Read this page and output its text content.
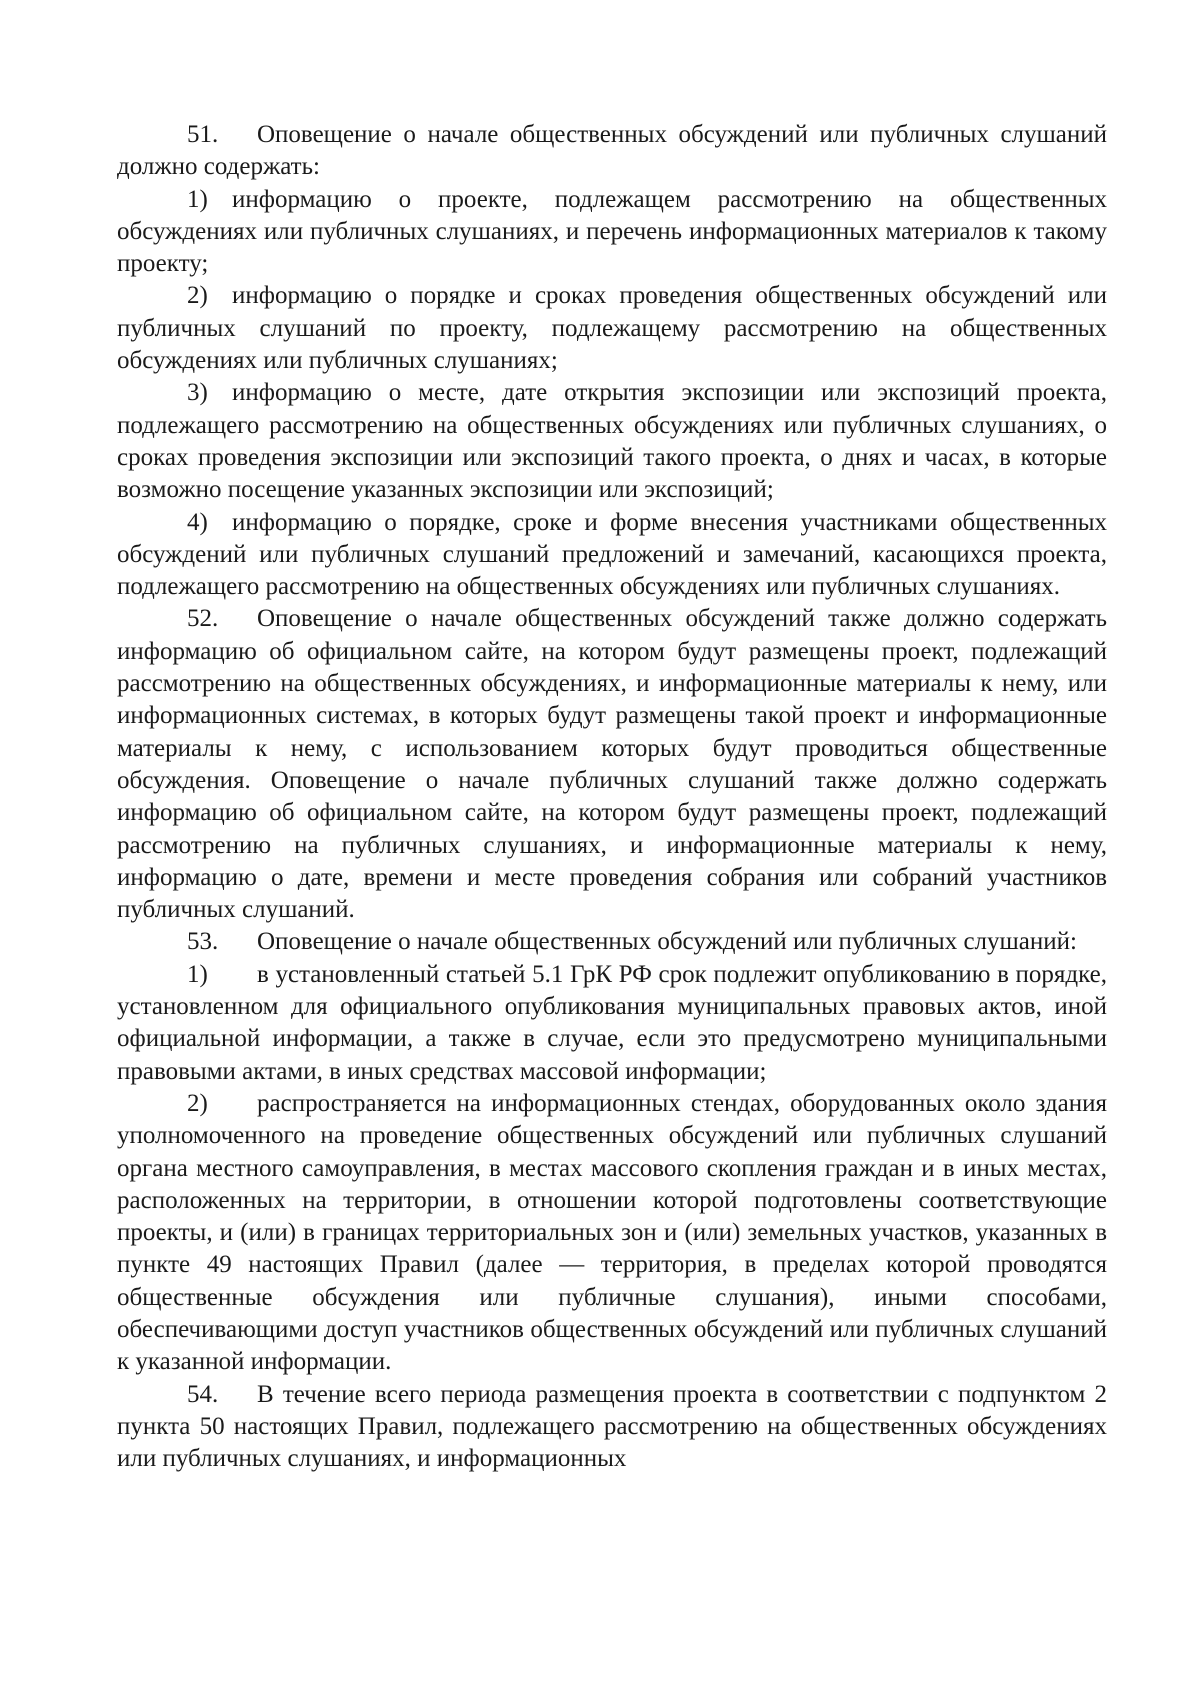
51. Оповещение о начале общественных обсуждений или публичных слушаний должно содержать:

1) информацию о проекте, подлежащем рассмотрению на общественных обсуждениях или публичных слушаниях, и перечень информационных материалов к такому проекту;

2) информацию о порядке и сроках проведения общественных обсуждений или публичных слушаний по проекту, подлежащему рассмотрению на общественных обсуждениях или публичных слушаниях;

3) информацию о месте, дате открытия экспозиции или экспозиций проекта, подлежащего рассмотрению на общественных обсуждениях или публичных слушаниях, о сроках проведения экспозиции или экспозиций такого проекта, о днях и часах, в которые возможно посещение указанных экспозиции или экспозиций;

4) информацию о порядке, сроке и форме внесения участниками общественных обсуждений или публичных слушаний предложений и замечаний, касающихся проекта, подлежащего рассмотрению на общественных обсуждениях или публичных слушаниях.

52. Оповещение о начале общественных обсуждений также должно содержать информацию об официальном сайте, на котором будут размещены проект, подлежащий рассмотрению на общественных обсуждениях, и информационные материалы к нему, или информационных системах, в которых будут размещены такой проект и информационные материалы к нему, с использованием которых будут проводиться общественные обсуждения. Оповещение о начале публичных слушаний также должно содержать информацию об официальном сайте, на котором будут размещены проект, подлежащий рассмотрению на публичных слушаниях, и информационные материалы к нему, информацию о дате, времени и месте проведения собрания или собраний участников публичных слушаний.

53. Оповещение о начале общественных обсуждений или публичных слушаний:

1) в установленный статьей 5.1 ГрК РФ срок подлежит опубликованию в порядке, установленном для официального опубликования муниципальных правовых актов, иной официальной информации, а также в случае, если это предусмотрено муниципальными правовыми актами, в иных средствах массовой информации;

2) распространяется на информационных стендах, оборудованных около здания уполномоченного на проведение общественных обсуждений или публичных слушаний органа местного самоуправления, в местах массового скопления граждан и в иных местах, расположенных на территории, в отношении которой подготовлены соответствующие проекты, и (или) в границах территориальных зон и (или) земельных участков, указанных в пункте 49 настоящих Правил (далее — территория, в пределах которой проводятся общественные обсуждения или публичные слушания), иными способами, обеспечивающими доступ участников общественных обсуждений или публичных слушаний к указанной информации.

54. В течение всего периода размещения проекта в соответствии с подпунктом 2 пункта 50 настоящих Правил, подлежащего рассмотрению на общественных обсуждениях или публичных слушаниях, и информационных
